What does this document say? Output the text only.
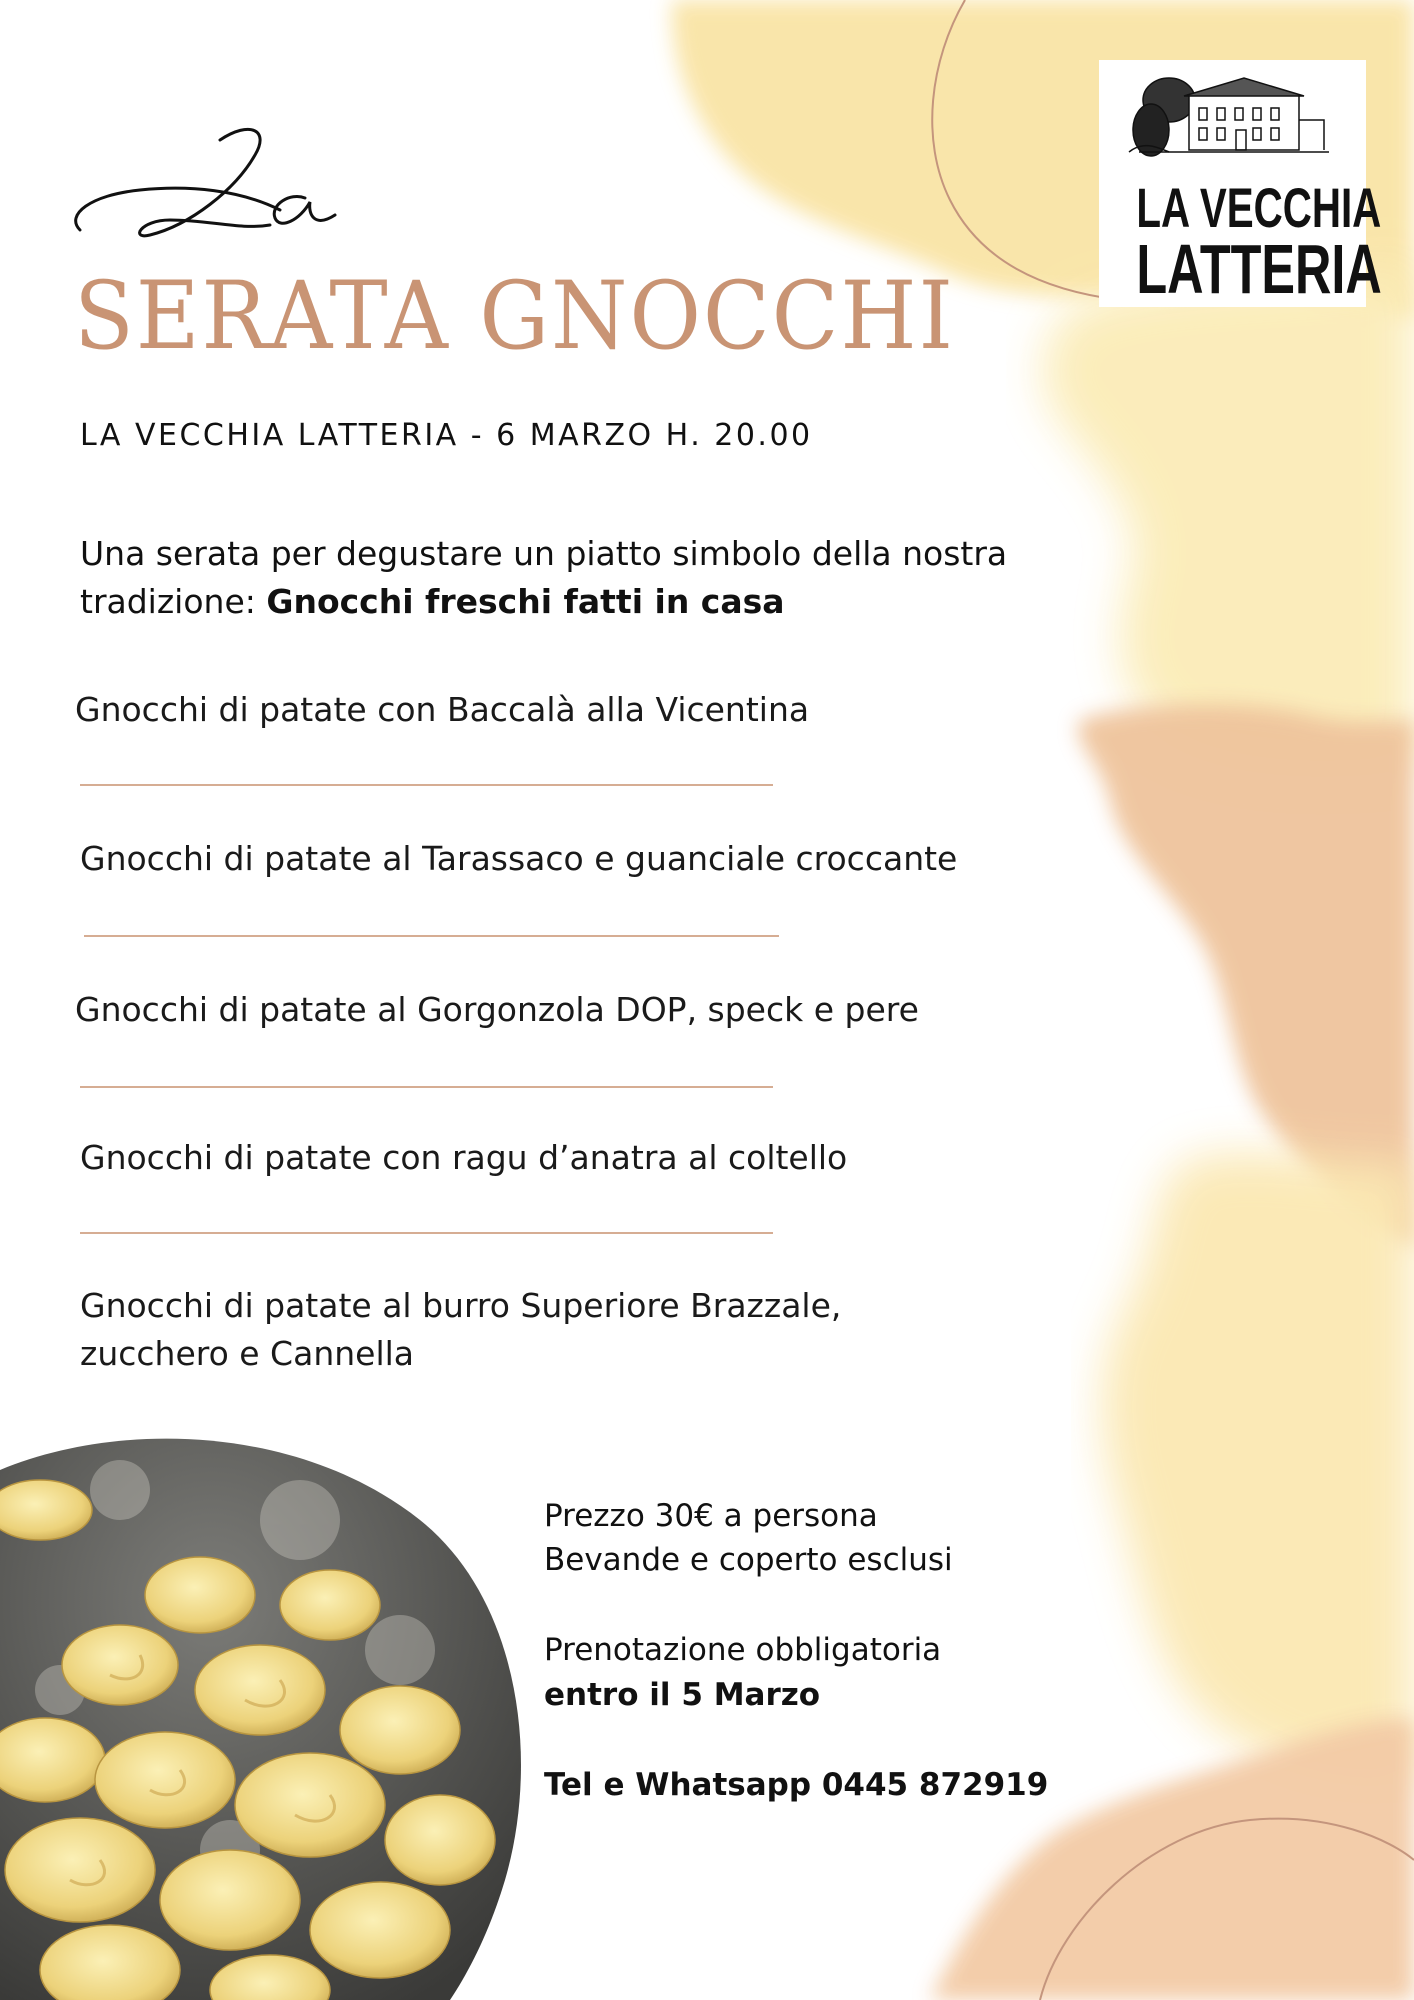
La
SERATA GNOCCHI
LA VECCHIA LATTERIA - 6 MARZO H. 20.00
LA VECCHIA
LATTERIA
Una serata per degustare un piatto simbolo della nostra tradizione: Gnocchi freschi fatti in casa
Gnocchi di patate con Baccalà alla Vicentina
Gnocchi di patate al Tarassaco e guanciale croccante
Gnocchi di patate al Gorgonzola DOP, speck e pere
Gnocchi di patate con ragu d’anatra al coltello
Gnocchi di patate al burro Superiore Brazzale,
zucchero e Cannella
Prezzo 30€ a persona
Bevande e coperto esclusi
Prenotazione obbligatoria
entro il 5 Marzo
Tel e Whatsapp 0445 872919
